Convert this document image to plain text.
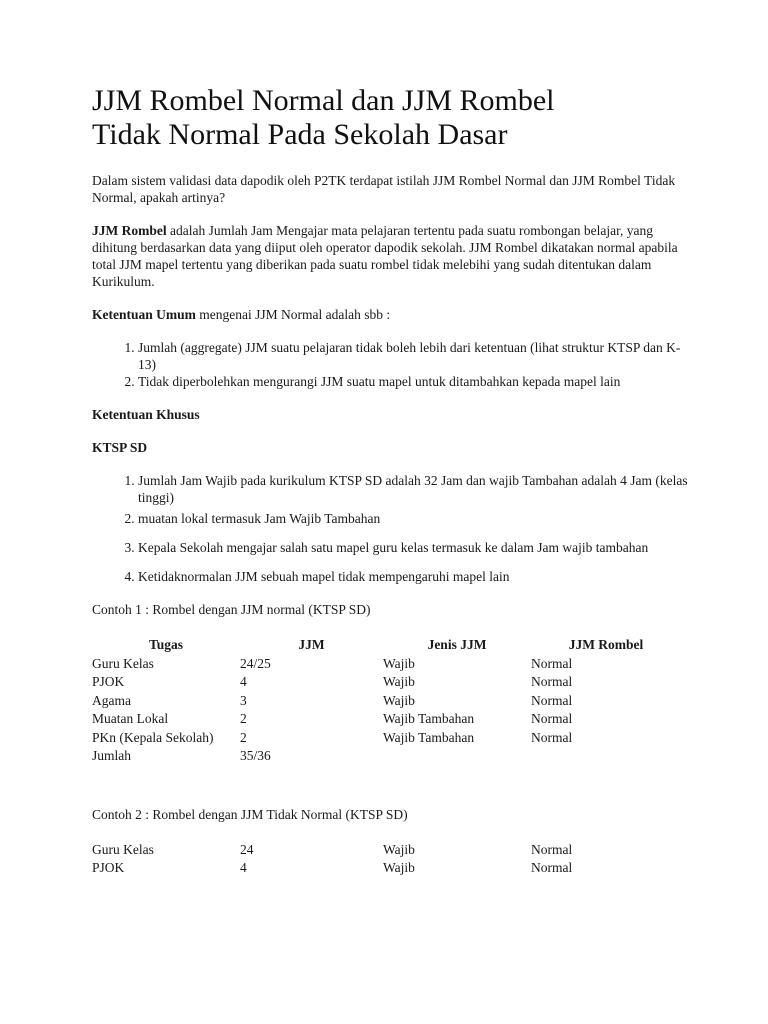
JJM Rombel Normal dan JJM Rombel
Tidak Normal Pada Sekolah Dasar

Dalam sistem validasi data dapodik oleh P2TK terdapat istilah JJM Rombel Normal dan JJM Rombel Tidak Normal, apakah artinya?

JJM Rombel adalah Jumlah Jam Mengajar mata pelajaran tertentu pada suatu rombongan belajar, yang dihitung berdasarkan data yang diiput oleh operator dapodik sekolah. JJM Rombel dikatakan normal apabila total JJM mapel tertentu yang diberikan pada suatu rombel tidak melebihi yang sudah ditentukan dalam Kurikulum.

Ketentuan Umum mengenai JJM Normal adalah sbb :

1. Jumlah (aggregate) JJM suatu pelajaran tidak boleh lebih dari ketentuan (lihat struktur KTSP dan K-13)
2. Tidak diperbolehkan mengurangi JJM suatu mapel untuk ditambahkan kepada mapel lain
Ketentuan Khusus
KTSP SD
1. Jumlah Jam Wajib pada kurikulum KTSP SD adalah 32 Jam dan wajib Tambahan adalah 4 Jam (kelas tinggi)
2. muatan lokal termasuk Jam Wajib Tambahan
3. Kepala Sekolah mengajar salah satu mapel guru kelas termasuk ke dalam Jam wajib tambahan
4. Ketidaknormalan JJM sebuah mapel tidak mempengaruhi mapel lain

Contoh 1 : Rombel dengan JJM normal (KTSP SD)

Tugas	JJM	Jenis JJM	JJM Rombel
Guru Kelas	24/25	Wajib	Normal
PJOK	4	Wajib	Normal
Agama	3	Wajib	Normal
Muatan Lokal	2	Wajib Tambahan	Normal
PKn (Kepala Sekolah)	2	Wajib Tambahan	Normal
Jumlah	35/36		

Contoh 2 : Rombel dengan JJM Tidak Normal (KTSP SD)

Guru Kelas	24	Wajib	Normal
PJOK	4	Wajib	Normal
